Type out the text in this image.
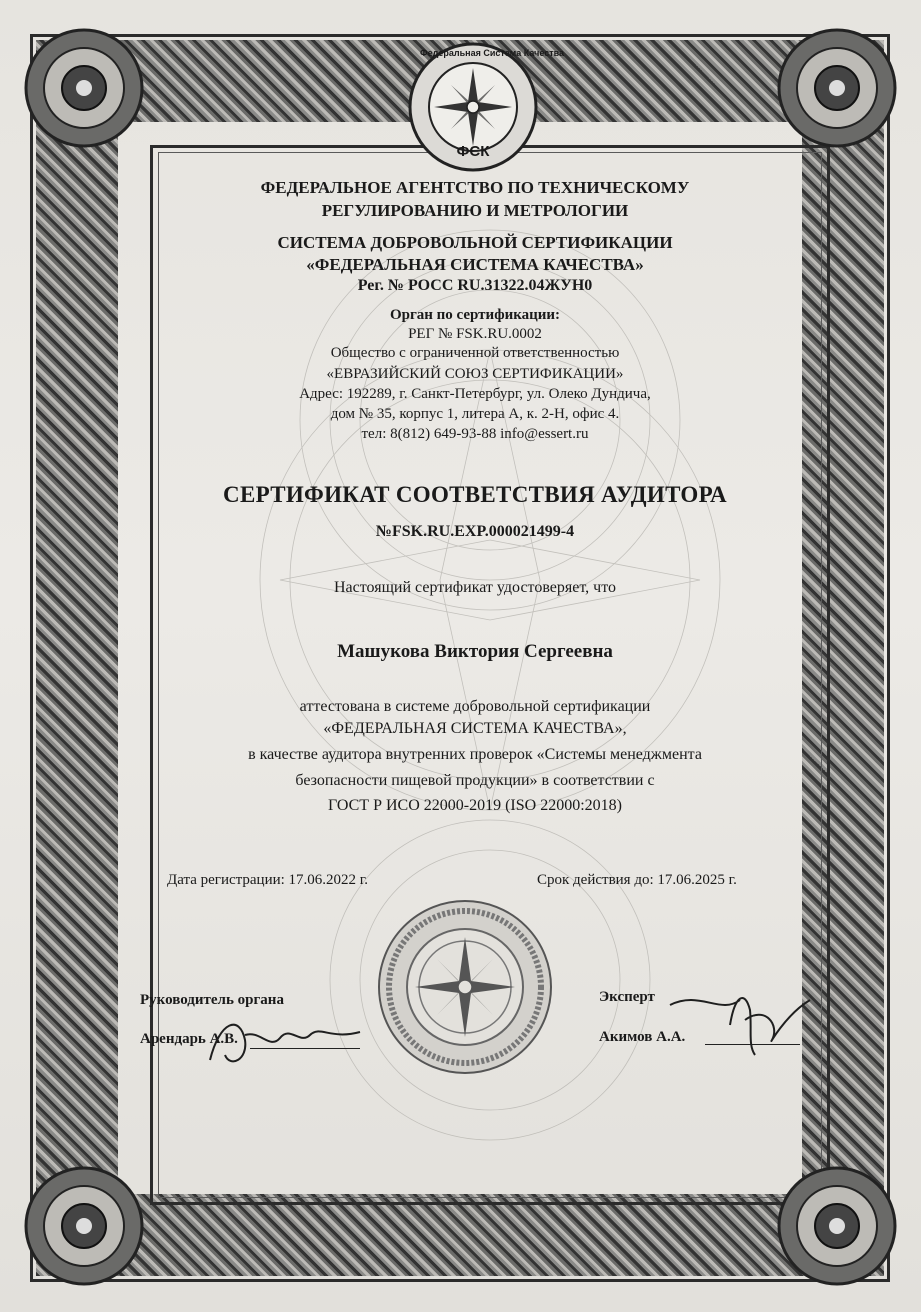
Федеральная Система Качества
ФСК
ФЕДЕРАЛЬНОЕ АГЕНТСТВО ПО ТЕХНИЧЕСКОМУ
РЕГУЛИРОВАНИЮ И МЕТРОЛОГИИ
СИСТЕМА ДОБРОВОЛЬНОЙ СЕРТИФИКАЦИИ
«ФЕДЕРАЛЬНАЯ СИСТЕМА КАЧЕСТВА»
Рег. № РОСС RU.31322.04ЖУН0
Орган по сертификации:
РЕГ № FSK.RU.0002
Общество с ограниченной ответственностью
«ЕВРАЗИЙСКИЙ СОЮЗ СЕРТИФИКАЦИИ»
Адрес: 192289, г. Санкт-Петербург, ул. Олеко Дундича,
дом № 35, корпус 1, литера А, к. 2-Н, офис 4.
тел: 8(812) 649-93-88 info@essert.ru
СЕРТИФИКАТ СООТВЕТСТВИЯ АУДИТОРА
№FSK.RU.EXP.000021499-4
Настоящий сертификат удостоверяет, что
Машукова Виктория Сергеевна
аттестована в системе добровольной сертификации
«ФЕДЕРАЛЬНАЯ СИСТЕМА КАЧЕСТВА»,
в качестве аудитора внутренних проверок «Системы менеджмента
безопасности пищевой продукции» в соответствии с
ГОСТ Р ИСО 22000-2019 (ISO 22000:2018)
Дата регистрации: 17.06.2022 г.	Срок действия до: 17.06.2025 г.
Руководитель органа
Арендарь А.В.
Эксперт
Акимов А.А.
